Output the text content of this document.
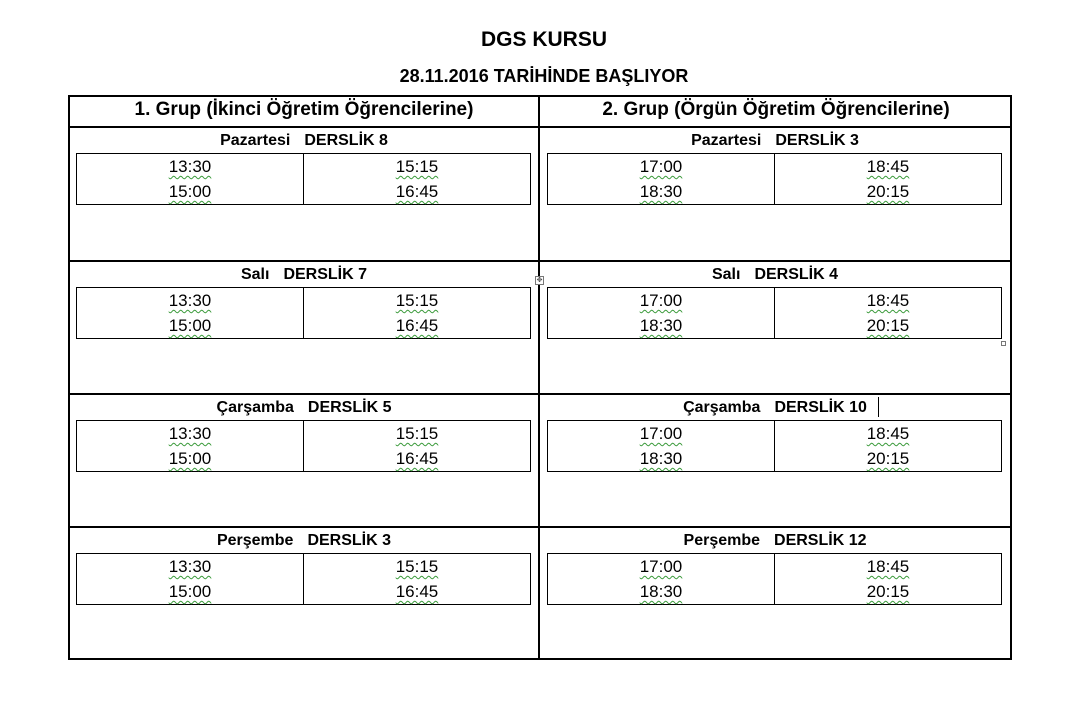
DGS KURSU
28.11.2016 TARİHİNDE BAŞLIYOR
1. Grup (İkinci Öğretim Öğrencilerine)	2. Grup (Örgün Öğretim Öğrencilerine)
Pazartesi DERSLİK 8
13:30	15:15
15:00	16:45
Pazartesi DERSLİK 3
17:00	18:45
18:30	20:15
Salı DERSLİK 7
13:30	15:15
15:00	16:45
Salı DERSLİK 4
17:00	18:45
18:30	20:15
Çarşamba DERSLİK 5
13:30	15:15
15:00	16:45
Çarşamba DERSLİK 10
17:00	18:45
18:30	20:15
Perşembe DERSLİK 3
13:30	15:15
15:00	16:45
Perşembe DERSLİK 12
17:00	18:45
18:30	20:15
✥
